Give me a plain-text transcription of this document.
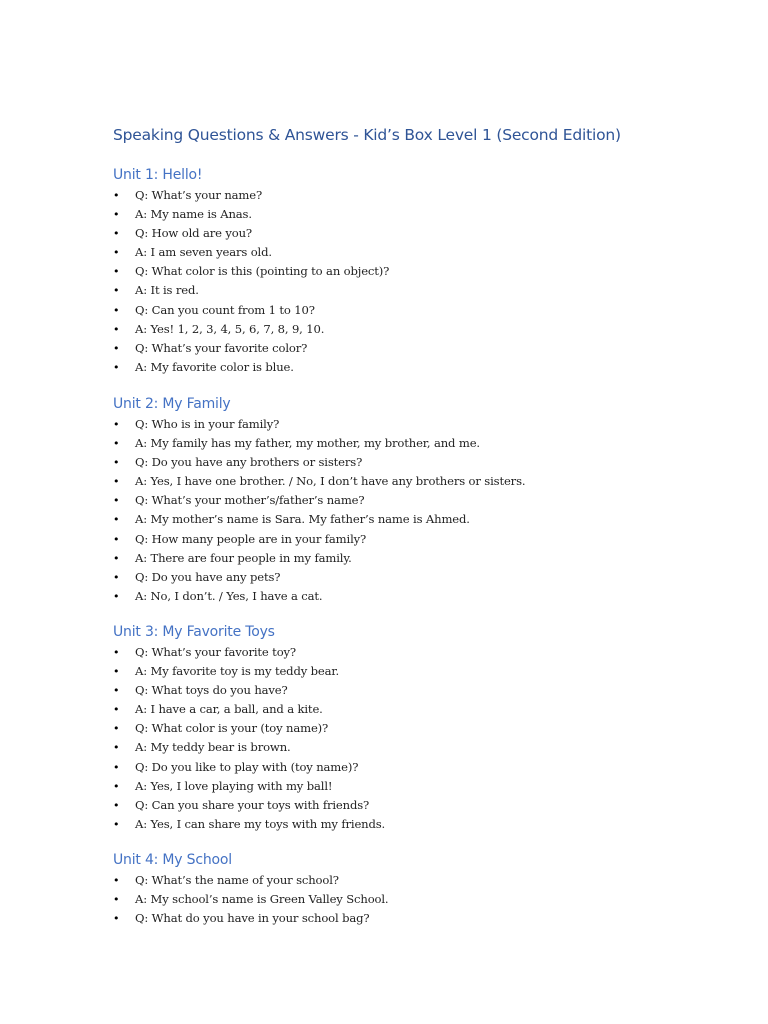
Speaking Questions & Answers - Kid’s Box Level 1 (Second Edition)
Unit 1: Hello!
• Q: What’s your name?
• A: My name is Anas.
• Q: How old are you?
• A: I am seven years old.
• Q: What color is this (pointing to an object)?
• A: It is red.
• Q: Can you count from 1 to 10?
• A: Yes! 1, 2, 3, 4, 5, 6, 7, 8, 9, 10.
• Q: What’s your favorite color?
• A: My favorite color is blue.
Unit 2: My Family
• Q: Who is in your family?
• A: My family has my father, my mother, my brother, and me.
• Q: Do you have any brothers or sisters?
• A: Yes, I have one brother. / No, I don’t have any brothers or sisters.
• Q: What’s your mother’s/father’s name?
• A: My mother’s name is Sara. My father’s name is Ahmed.
• Q: How many people are in your family?
• A: There are four people in my family.
• Q: Do you have any pets?
• A: No, I don’t. / Yes, I have a cat.
Unit 3: My Favorite Toys
• Q: What’s your favorite toy?
• A: My favorite toy is my teddy bear.
• Q: What toys do you have?
• A: I have a car, a ball, and a kite.
• Q: What color is your (toy name)?
• A: My teddy bear is brown.
• Q: Do you like to play with (toy name)?
• A: Yes, I love playing with my ball!
• Q: Can you share your toys with friends?
• A: Yes, I can share my toys with my friends.
Unit 4: My School
• Q: What’s the name of your school?
• A: My school’s name is Green Valley School.
• Q: What do you have in your school bag?
